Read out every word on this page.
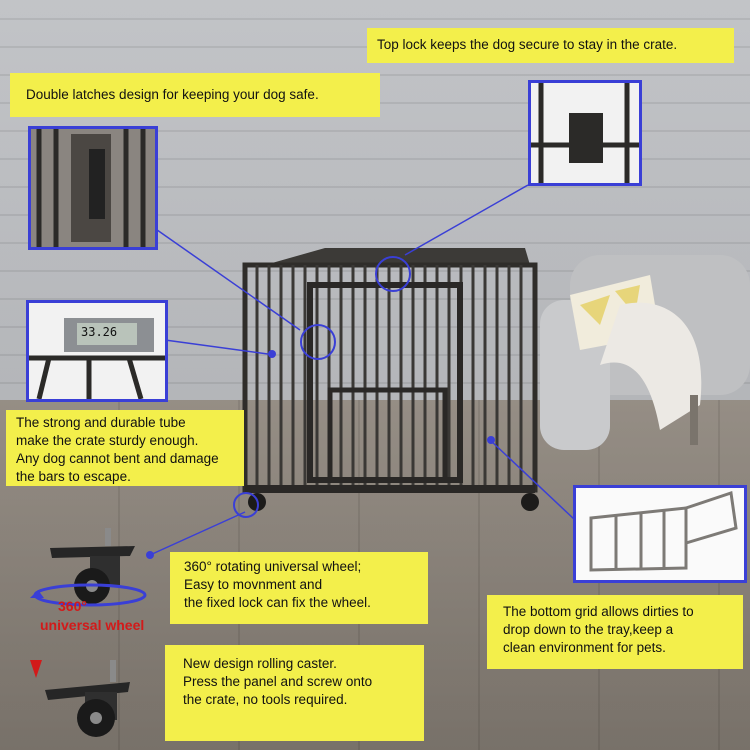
Top lock keeps the dog secure to stay in the crate.
Double latches design for keeping your dog safe.
The strong and durable tube
make the crate sturdy enough.
Any dog cannot bent and damage
the bars to escape.
360° rotating universal wheel;
Easy to movnment and
the fixed lock can fix the wheel.
The bottom grid allows dirties to
drop down to the tray,keep a
clean environment for pets.
New design rolling caster.
Press the panel and screw onto
the crate, no tools required.
33.26
360°
universal wheel
